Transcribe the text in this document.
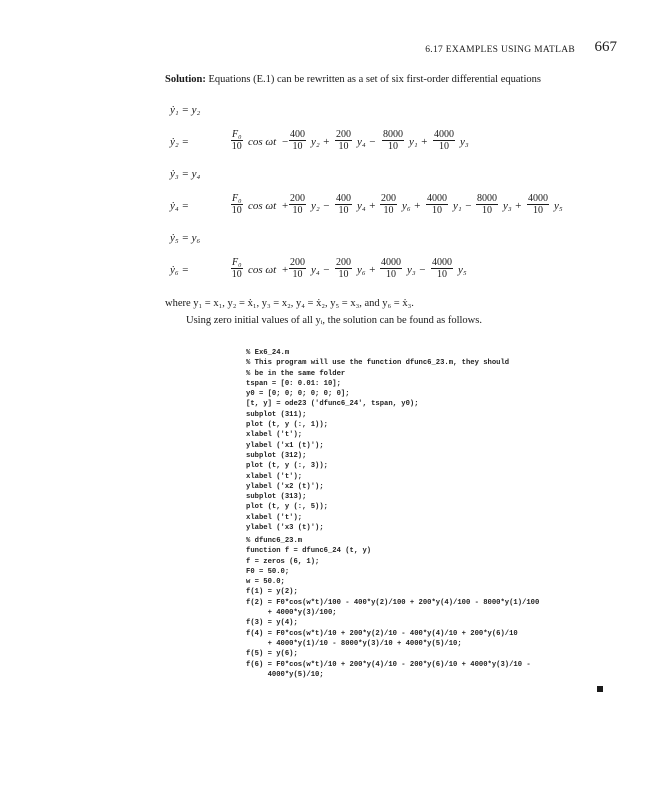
6.17 EXAMPLES USING MATLAB 667
Solution: Equations (E.1) can be rewritten as a set of six first-order differential equations
ẏ₁ = y₂
ẏ₂ =	$\frac{\text{F₀}}{10}$ $\cos \omega t - \frac{400}{10} y_2 + \frac{200}{10} y_4 - \frac{8000}{10} y_1 + \frac{4000}{10} y_3$
ẏ₃ = y₄
ẏ₄ =	$\frac{\text{F₀}}{10}$ $\cos \omega t + \frac{200}{10} y_2 - \frac{400}{10} y_4 + \frac{200}{10} y_6 + \frac{4000}{10} y_1 - \frac{8000}{10} y_3 + \frac{4000}{10} y_5$
ẏ₅ = y₆
ẏ₆ =	$\frac{\text{F₀}}{10}$ $\cos \omega t + \frac{200}{10} y_4 - \frac{200}{10} y_6 + \frac{4000}{10} y_3 - \frac{4000}{10} y_5$
where y₁ = x₁, y₂ = ẋ₁, y₃ = x₂, y₄ = ẋ₂, y₅ = x₃, and y₆ = ẋ₃.
Using zero initial values of all yᵢ, the solution can be found as follows.
% Ex6_24.m
% This program will use the function dfunc6_23.m, they should
% be in the same folder
tspan = [0: 0.01: 10];
y0 = [0; 0; 0; 0; 0; 0];
[t, y] = ode23 ('dfunc6_24', tspan, y0);
subplot (311);
plot (t, y (:, 1));
xlabel ('t');
ylabel ('x1 (t)');
subplot (312);
plot (t, y (:, 3));
xlabel ('t');
ylabel ('x2 (t)');
subplot (313);
plot (t, y (:, 5));
xlabel ('t');
ylabel ('x3 (t)');
% dfunc6_23.m
function f = dfunc6_24 (t, y)
f = zeros (6, 1);
F0 = 50.0;
w = 50.0;
f(1) = y(2);
f(2) = F0*cos(w*t)/100 - 400*y(2)/100 + 200*y(4)/100 - 8000*y(1)/100
+ 4000*y(3)/100;
f(3) = y(4);
f(4) = F0*cos(w*t)/10 + 200*y(2)/10 - 400*y(4)/10 + 200*y(6)/10
+ 4000*y(1)/10 - 8000*y(3)/10 + 4000*y(5)/10;
f(5) = y(6);
f(6) = F0*cos(w*t)/10 + 200*y(4)/10 - 200*y(6)/10 + 4000*y(3)/10 -
4000*y(5)/10;
